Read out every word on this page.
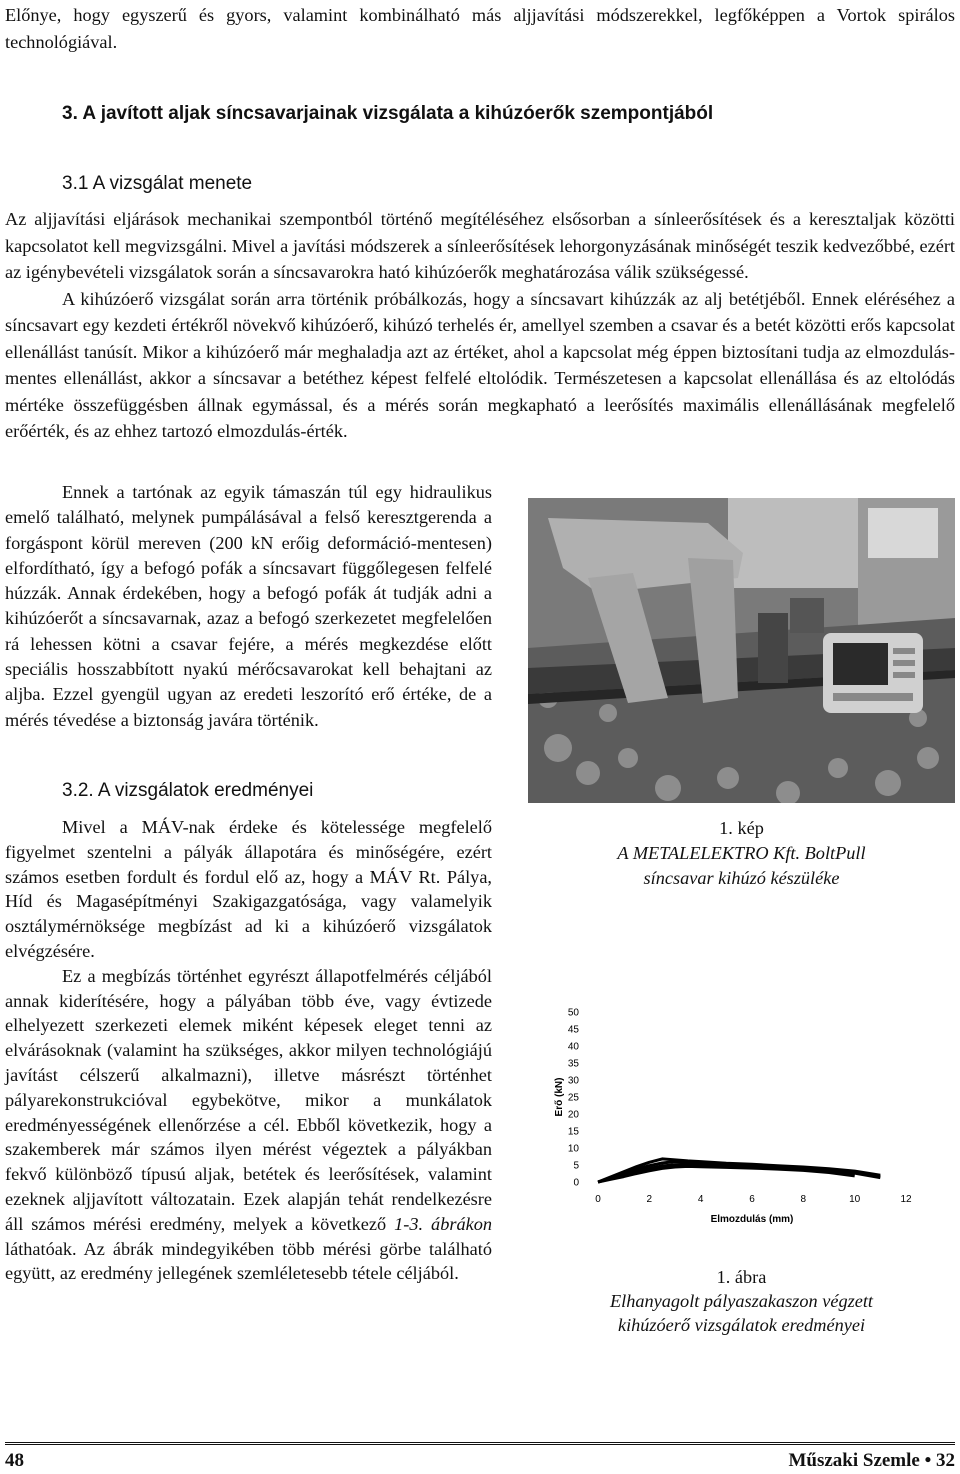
Előnye, hogy egyszerű és gyors, valamint kombinálható más aljjavítási módszerekkel, legfőképpen a Vortok spirálos technológiával.

3. A javított aljak síncsavarjainak vizsgálata a kihúzóerők szempontjából
3.1 A vizsgálat menete

Az aljjavítási eljárások mechanikai szempontból történő megítéléséhez elsősorban a sínleerősítések és a keresztaljak közötti kapcsolatot kell megvizsgálni. Mivel a javítási módszerek a sínleerősítések lehorgonyzásának minőségét teszik kedvezőbbé, ezért az igénybevételi vizsgálatok során a síncsavarokra ható kihúzóerők meghatározása válik szükségessé.

A kihúzóerő vizsgálat során arra történik próbálkozás, hogy a síncsavart kihúzzák az alj betétjéből. Ennek eléréséhez a síncsavart egy kezdeti értékről növekvő kihúzóerő, kihúzó terhelés ér, amellyel szemben a csavar és a betét közötti erős kapcsolat ellenállást tanúsít. Mikor a kihúzóerő már meghaladja azt az értéket, ahol a kapcsolat még éppen biztosítani tudja az elmozdulás-mentes ellenállást, akkor a síncsavar a betéthez képest felfelé eltolódik. Természetesen a kapcsolat ellenállása és az eltolódás mértéke összefüggésben állnak egymással, és a mérés során megkapható a leerősítés maximális ellenállásának megfelelő erőérték, és az ehhez tartozó elmozdulás-érték.

Ennek a tartónak az egyik támaszán túl egy hidraulikus emelő található, melynek pumpálásával a felső keresztgerenda a forgáspont körül mereven (200 kN erőig deformáció-mentesen) elfordítható, így a befogó pofák a síncsavart függőlegesen felfelé húzzák. Annak érdekében, hogy a befogó pofák át tudják adni a kihúzóerőt a síncsavarnak, azaz a befogó szerkezetet megfelelően rá lehessen kötni a csavar fejére, a mérés megkezdése előtt speciális hosszabbított nyakú mérőcsavarokat kell behajtani az aljba. Ezzel gyengül ugyan az eredeti leszorító erő értéke, de a mérés tévedése a biztonság javára történik.

3.2. A vizsgálatok eredményei

Mivel a MÁV-nak érdeke és kötelessége megfelelő figyelmet szentelni a pályák állapotára és minőségére, ezért számos esetben fordult és fordul elő az, hogy a MÁV Rt. Pálya, Híd és Magasépítményi Szakigazgatósága, vagy valamelyik osztálymérnöksége megbízást ad ki a kihúzóerő vizsgálatok elvégzésére.

Ez a megbízás történhet egyrészt állapotfelmérés céljából annak kiderítésére, hogy a pályában több éve, vagy évtizede elhelyezett szerkezeti elemek miként képesek eleget tenni az elvárásoknak (valamint ha szükséges, akkor milyen technológiájú javítást célszerű alkalmazni), illetve másrészt történhet pályarekonstrukcióval egybekötve, mikor a munkálatok eredményességének ellenőrzése a cél. Ebből következik, hogy a szakemberek már számos ilyen mérést végeztek a pályákban fekvő különböző típusú aljak, betétek és leerősítések, valamint ezeknek aljjavított változatain. Ezek alapján tehát rendelkezésre áll számos mérési eredmény, melyek a következő 1-3. ábrákon láthatóak. Az ábrák mindegyikében több mérési görbe található együtt, az eredmény jellegének szemléletesebb tétele céljából.

1. kép
A METALELEKTRO Kft. BoltPull
síncsavar kihúzó készüléke
0
5
10
15
20
25
30
35
40
45
50
0	2	4	6	8	10	12
Elmozdulás (mm)
Erő (kN)
1. ábra
Elhanyagolt pályaszakaszon végzett
kihúzóerő vizsgálatok eredményei
48	Műszaki Szemle • 32
